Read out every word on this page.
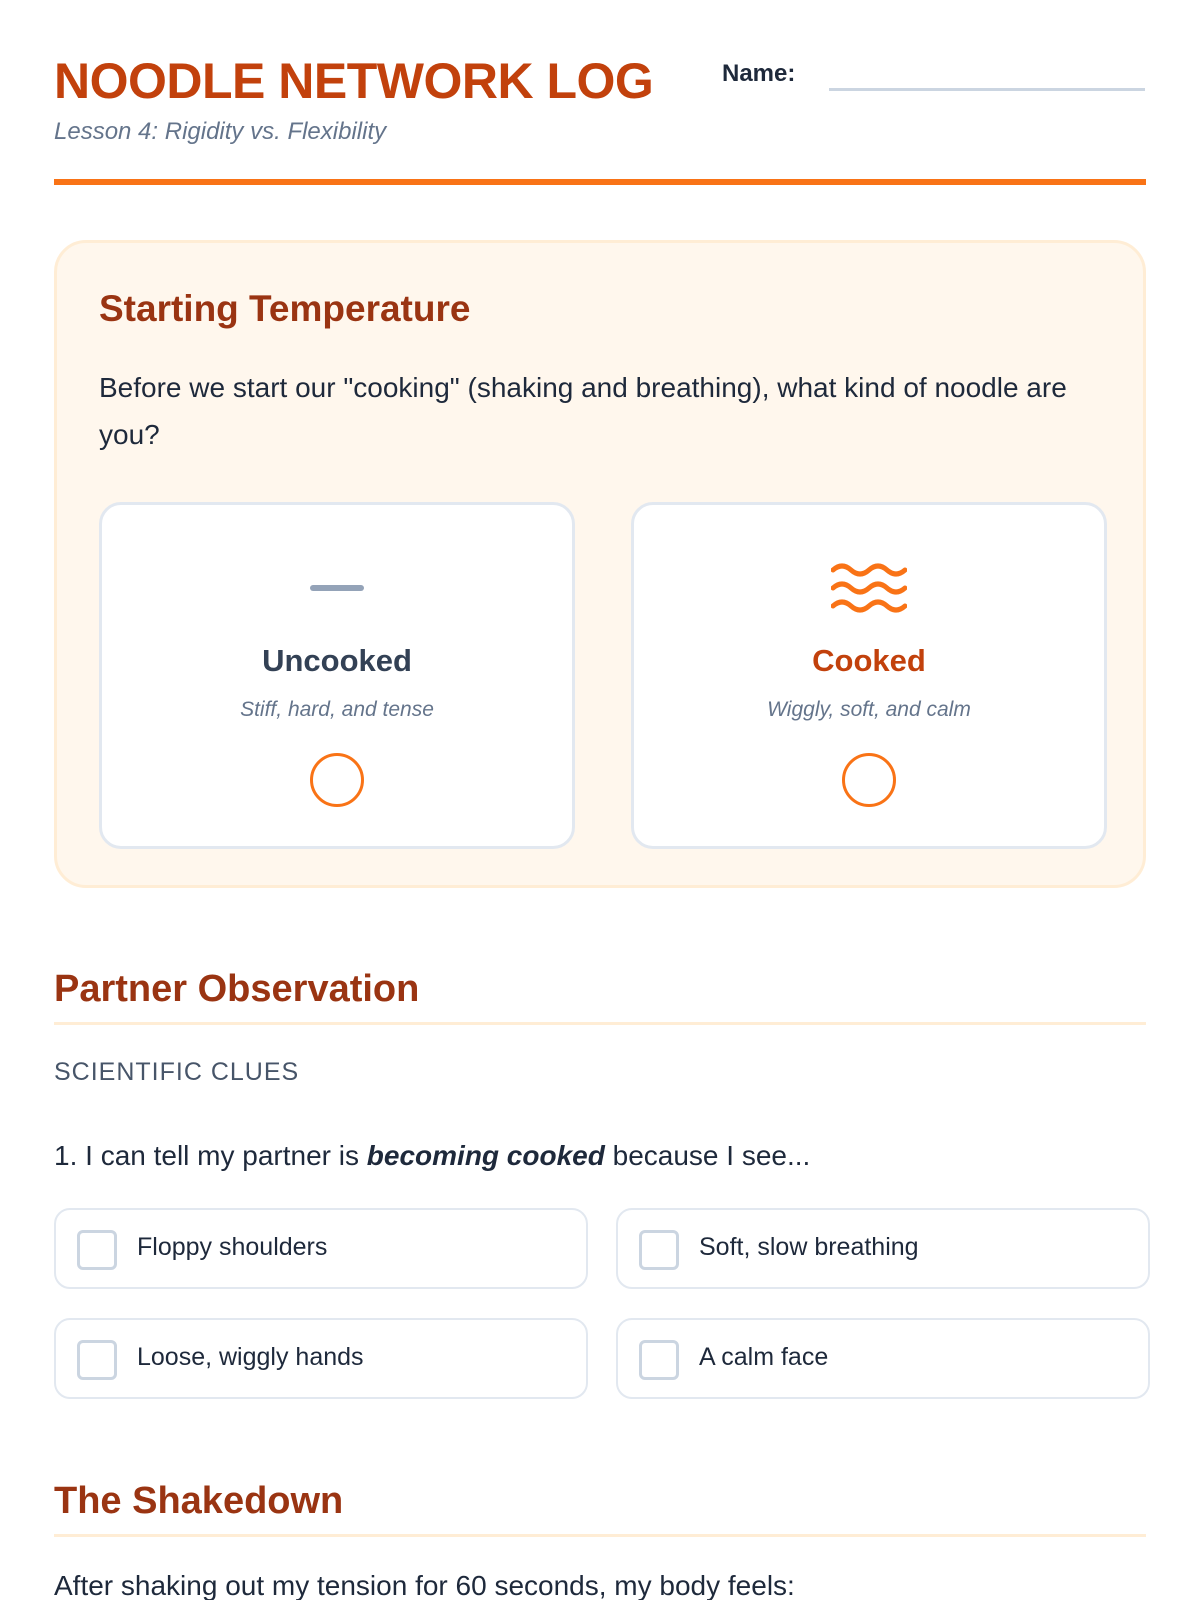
NOODLE NETWORK LOG
Lesson 4: Rigidity vs. Flexibility
Name:
Starting Temperature
Before we start our "cooking" (shaking and breathing), what kind of noodle are you?
Uncooked
Stiff, hard, and tense
Cooked
Wiggly, soft, and calm
Partner Observation
SCIENTIFIC CLUES
1. I can tell my partner is becoming cooked because I see...
Floppy shoulders	Soft, slow breathing
Loose, wiggly hands	A calm face
The Shakedown
After shaking out my tension for 60 seconds, my body feels:
